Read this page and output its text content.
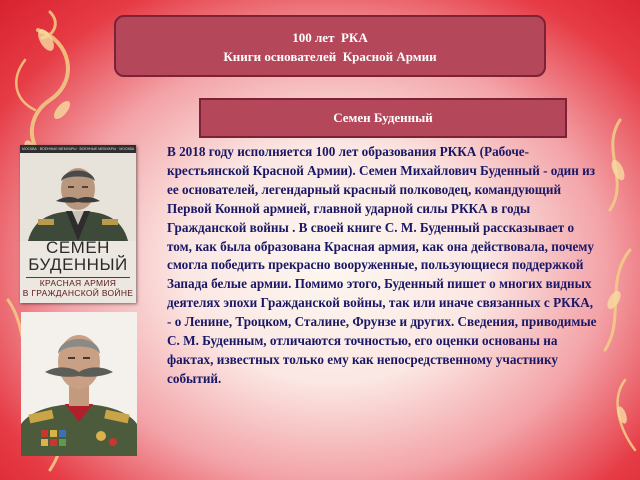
100 лет  РКА
Книги основателей  Красной Армии
Семен Буденный
МОСКВА · ВОЕННЫЕ МЕМУАРЫ · ВОЕННЫЕ МЕМУАРЫ · МОСКВА
СЕМЕН
БУДЕННЫЙ
КРАСНАЯ АРМИЯ
В ГРАЖДАНСКОЙ ВОЙНЕ

В 2018 году исполняется 100 лет образования РККА (Рабоче-крестьянской Красной Армии). Семен Михайлович Буденный - один из ее основателей, легендарный красный полководец, командующий Первой Конной армией, главной ударной силы РККА в годы Гражданской войны . В своей книге С. М. Буденный рассказывает о том, как была образована Красная армия, как она действовала, почему смогла победить прекрасно вооруженные, пользующиеся поддержкой Запада белые армии. Помимо этого, Буденный пишет о многих видных деятелях эпохи Гражданской войны, так или иначе связанных с РККА, - о Ленине, Троцком, Сталине, Фрунзе и других. Сведения, приводимые С. М. Буденным, отличаются точностью, его оценки основаны на фактах, известных только ему как непосредственному участнику событий.
